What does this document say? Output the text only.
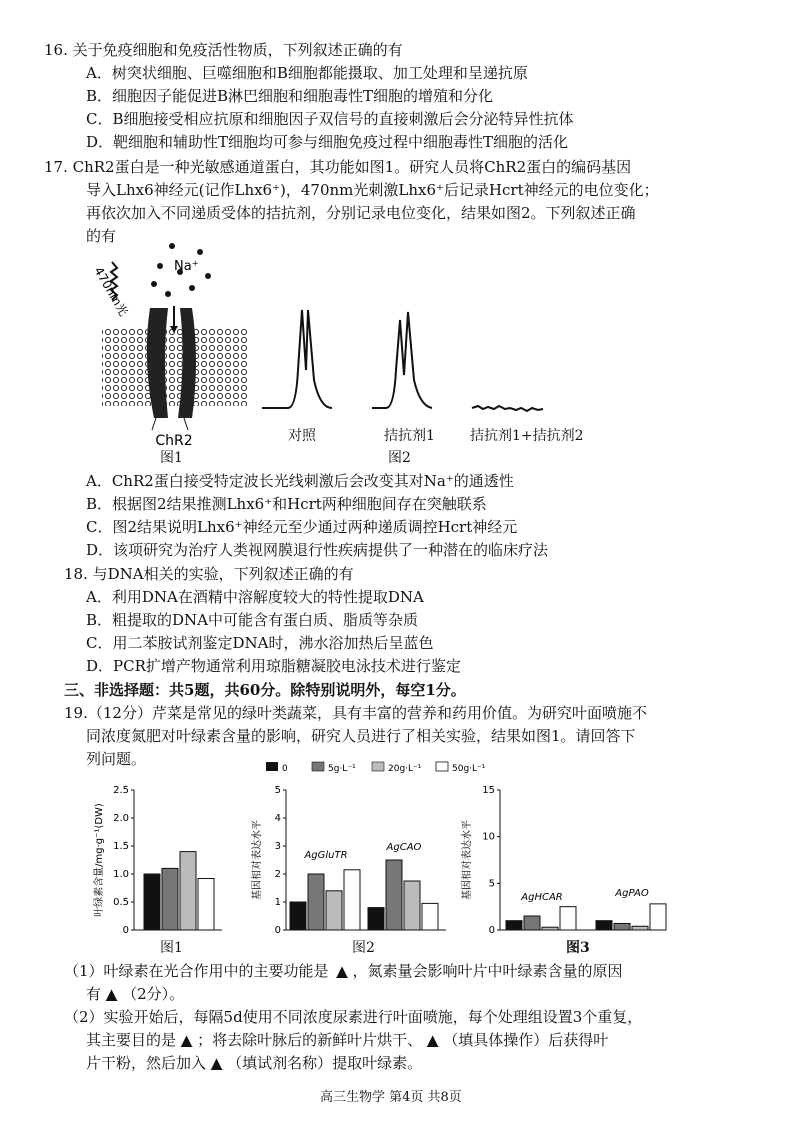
16. 关于免疫细胞和免疫活性物质，下列叙述正确的有
A．树突状细胞、巨噬细胞和B细胞都能摄取、加工处理和呈递抗原
B．细胞因子能促进B淋巴细胞和细胞毒性T细胞的增殖和分化
C．B细胞接受相应抗原和细胞因子双信号的直接刺激后会分泌特异性抗体
D．靶细胞和辅助性T细胞均可参与细胞免疫过程中细胞毒性T细胞的活化
17. ChR2蛋白是一种光敏感通道蛋白，其功能如图1。研究人员将ChR2蛋白的编码基因
导入Lhx6神经元(记作Lhx6⁺)，470nm光刺激Lhx6⁺后记录Hcrt神经元的电位变化；
再依次加入不同递质受体的拮抗剂，分别记录电位变化，结果如图2。下列叙述正确
的有
Na⁺
470nm光
ChR2	对照	拮抗剂1	拮抗剂1+拮抗剂2
图1	图2
A．ChR2蛋白接受特定波长光线刺激后会改变其对Na⁺的通透性
B．根据图2结果推测Lhx6⁺和Hcrt两种细胞间存在突触联系
C．图2结果说明Lhx6⁺神经元至少通过两种递质调控Hcrt神经元
D．该项研究为治疗人类视网膜退行性疾病提供了一种潜在的临床疗法
18. 与DNA相关的实验，下列叙述正确的有
A．利用DNA在酒精中溶解度较大的特性提取DNA
B．粗提取的DNA中可能含有蛋白质、脂质等杂质
C．用二苯胺试剂鉴定DNA时，沸水浴加热后呈蓝色
D．PCR扩增产物通常利用琼脂糖凝胶电泳技术进行鉴定
三、非选择题：共5题，共60分。除特别说明外，每空1分。
19.（12分）芹菜是常见的绿叶类蔬菜，具有丰富的营养和药用价值。为研究叶面喷施不
同浓度氮肥对叶绿素含量的影响，研究人员进行了相关实验，结果如图1。请回答下
列问题。
0	5g·L⁻¹	20g·L⁻¹	50g·L⁻¹
0
0.5
1.0
1.5
2.0
2.5
叶绿素含量/mg·g⁻¹(DW)
0
1
2
3
4
5
基因相对表达水平	AgGluTR
AgCAO
0
5
10
15
基因相对表达水平	AgHCAR	AgPAO
图1	图2	图3
（1）叶绿素在光合作用中的主要功能是 ▲ ，氮素量会影响叶片中叶绿素含量的原因
有 ▲ （2分）。
（2）实验开始后，每隔5d使用不同浓度尿素进行叶面喷施，每个处理组设置3个重复，
其主要目的是 ▲ ；将去除叶脉后的新鲜叶片烘干、 ▲ （填具体操作）后获得叶
片干粉，然后加入 ▲ （填试剂名称）提取叶绿素。
高三生物学 第4页 共8页
